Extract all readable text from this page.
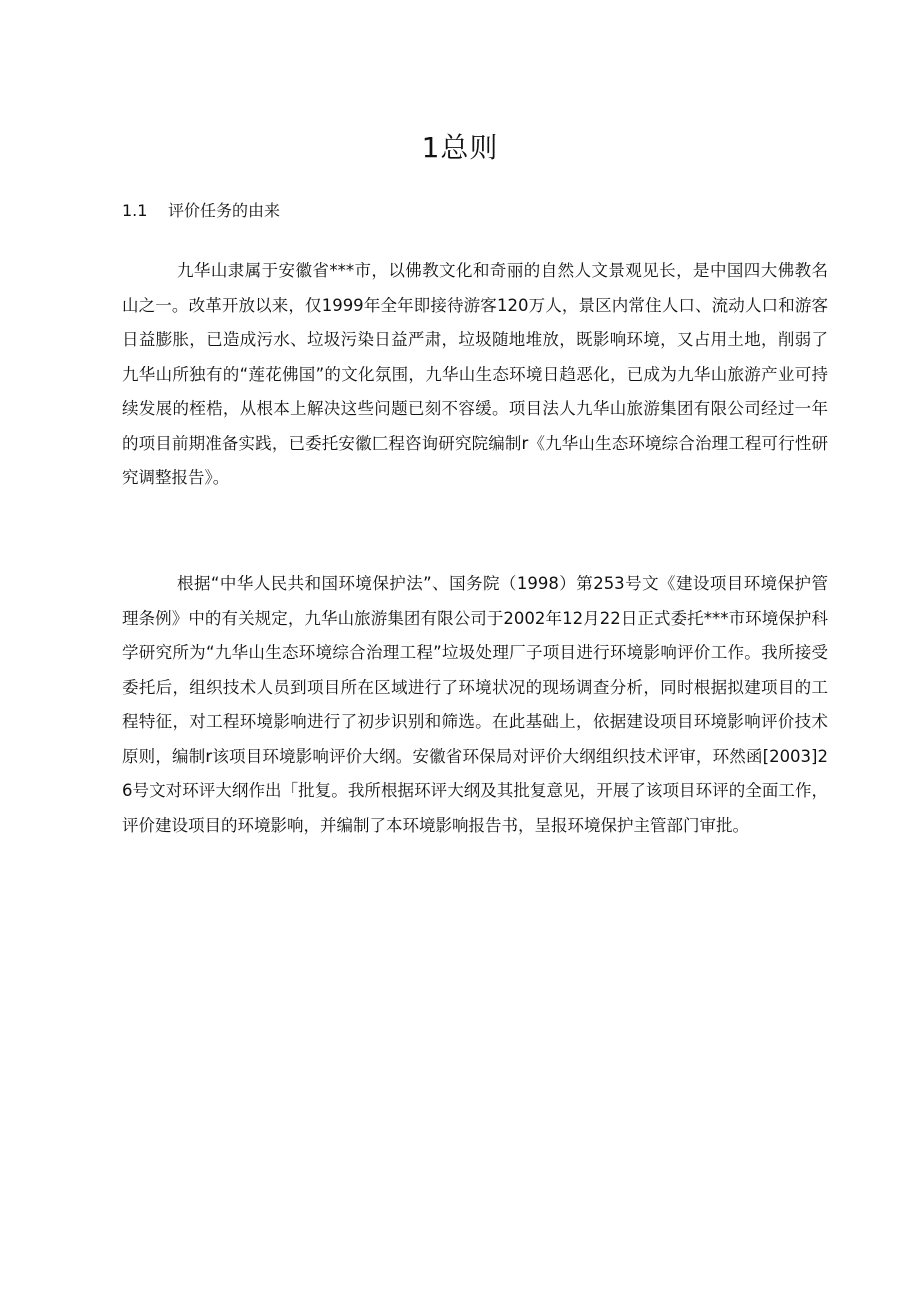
1总则
1.1 评价任务的由来

九华山隶属于安徽省***市，以佛教文化和奇丽的自然人文景观见长，是中国四大佛教名山之一。改革开放以来，仅1999年全年即接待游客120万人，景区内常住人口、流动人口和游客日益膨胀，已造成污水、垃圾污染日益严肃，垃圾随地堆放，既影响环境，又占用土地，削弱了九华山所独有的“莲花佛国”的文化氛围，九华山生态环境日趋恶化，已成为九华山旅游产业可持续发展的桎梏，从根本上解决这些问题已刻不容缓。项目法人九华山旅游集团有限公司经过一年的项目前期准备实践，已委托安徽匚程咨询研究院编制r《九华山生态环境综合治理工程可行性研究调整报告》。

根据“中华人民共和国环境保护法”、国务院（1998）第253号文《建设项目环境保护管理条例》中的有关规定，九华山旅游集团有限公司于2002年12月22日正式委托***市环境保护科学研究所为“九华山生态环境综合治理工程”垃圾处理厂子项目进行环境影响评价工作。我所接受委托后，组织技术人员到项目所在区域进行了环境状况的现场调查分析，同时根据拟建项目的工程特征，对工程环境影响进行了初步识别和筛选。在此基础上，依据建设项目环境影响评价技术原则，编制r该项目环境影响评价大纲。安徽省环保局对评价大纲组织技术评审，环然函[2003]26号文对环评大纲作出「批复。我所根据环评大纲及其批复意见，开展了该项目环评的全面工作，评价建设项目的环境影响，并编制了本环境影响报告书，呈报环境保护主管部门审批。
